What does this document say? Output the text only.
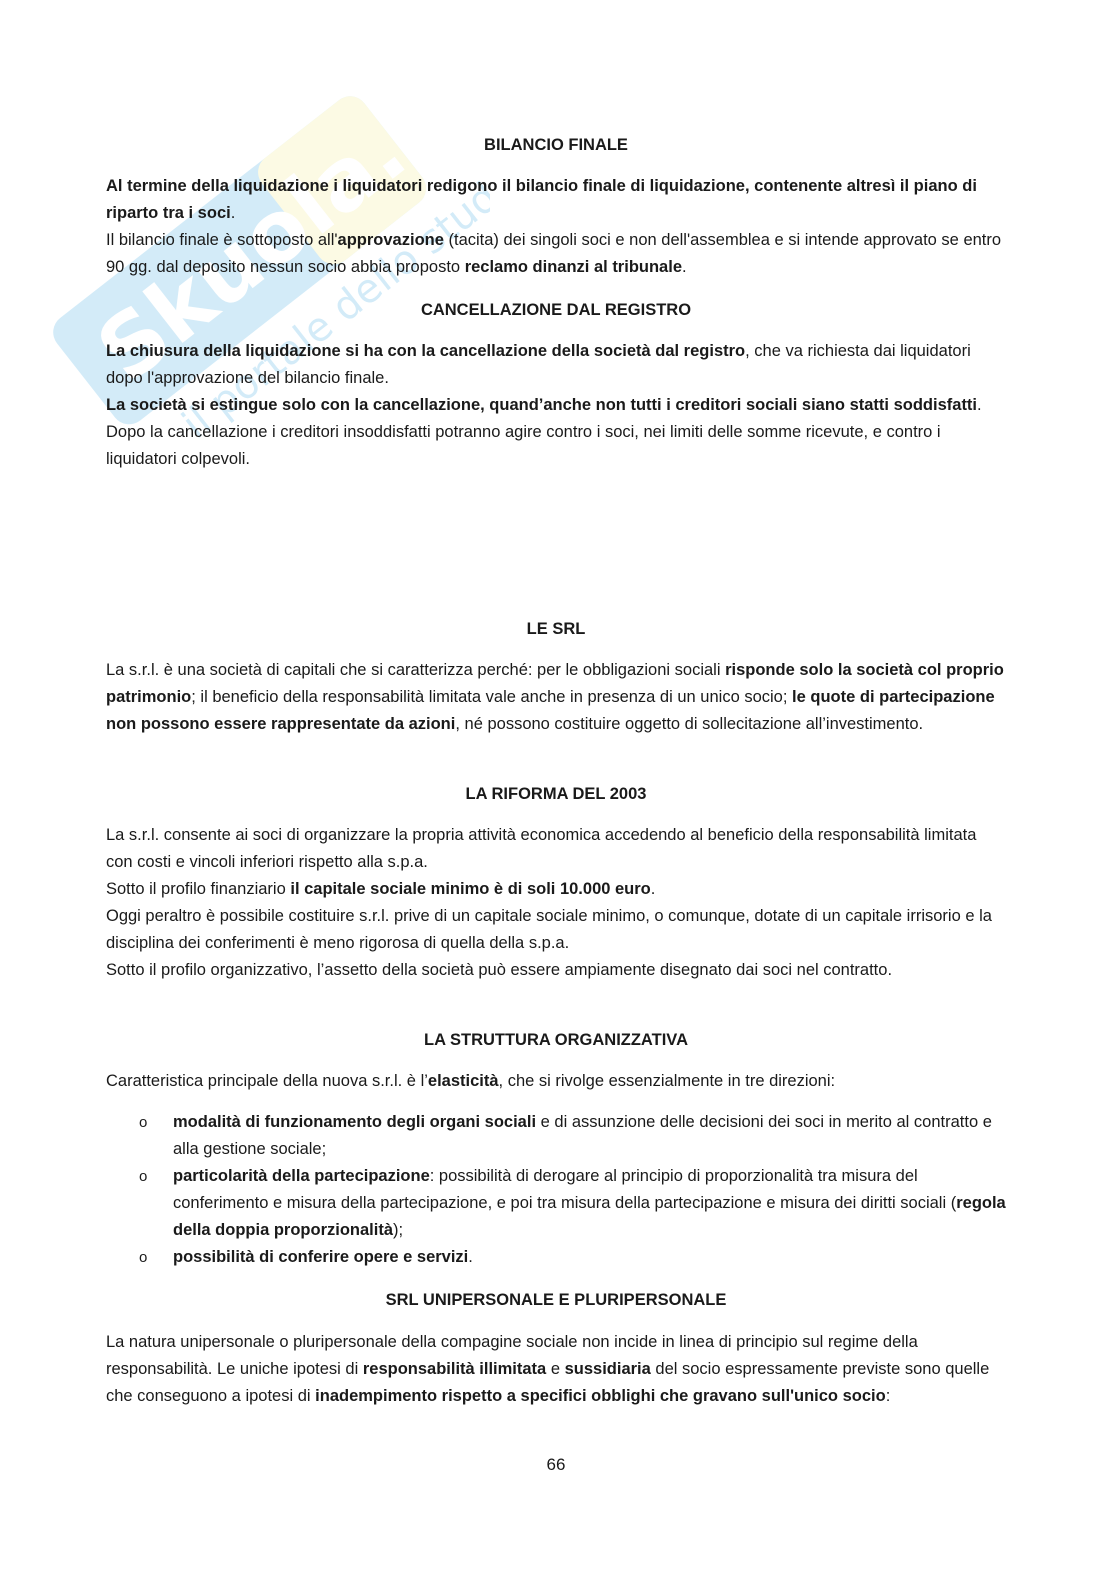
Skuola.net
il portale dello studente
BILANCIO FINALE

Al termine della liquidazione i liquidatori redigono il bilancio finale di liquidazione, contenente altresì il piano di riparto tra i soci.

Il bilancio finale è sottoposto all'approvazione (tacita) dei singoli soci e non dell'assemblea e si intende approvato se entro 90 gg. dal deposito nessun socio abbia proposto reclamo dinanzi al tribunale.

CANCELLAZIONE DAL REGISTRO

La chiusura della liquidazione si ha con la cancellazione della società dal registro, che va richiesta dai liquidatori dopo l'approvazione del bilancio finale.

La società si estingue solo con la cancellazione, quand’anche non tutti i creditori sociali siano statti soddisfatti. Dopo la cancellazione i creditori insoddisfatti potranno agire contro i soci, nei limiti delle somme ricevute, e contro i liquidatori colpevoli.

LE SRL

La s.r.l. è una società di capitali che si caratterizza perché: per le obbligazioni sociali risponde solo la società col proprio patrimonio; il beneficio della responsabilità limitata vale anche in presenza di un unico socio; le quote di partecipazione non possono essere rappresentate da azioni, né possono costituire oggetto di sollecitazione all’investimento.

LA RIFORMA DEL 2003

La s.r.l. consente ai soci di organizzare la propria attività economica accedendo al beneficio della responsabilità limitata con costi e vincoli inferiori rispetto alla s.p.a.

Sotto il profilo finanziario il capitale sociale minimo è di soli 10.000 euro.

Oggi peraltro è possibile costituire s.r.l. prive di un capitale sociale minimo, o comunque, dotate di un capitale irrisorio e la disciplina dei conferimenti è meno rigorosa di quella della s.p.a.

Sotto il profilo organizzativo, l’assetto della società può essere ampiamente disegnato dai soci nel contratto.

LA STRUTTURA ORGANIZZATIVA

Caratteristica principale della nuova s.r.l. è l’elasticità, che si rivolge essenzialmente in tre direzioni:

o modalità di funzionamento degli organi sociali e di assunzione delle decisioni dei soci in merito al contratto e alla gestione sociale;
o particolarità della partecipazione: possibilità di derogare al principio di proporzionalità tra misura del conferimento e misura della partecipazione, e poi tra misura della partecipazione e misura dei diritti sociali (regola della doppia proporzionalità);
o possibilità di conferire opere e servizi.
SRL UNIPERSONALE E PLURIPERSONALE

La natura unipersonale o pluripersonale della compagine sociale non incide in linea di principio sul regime della responsabilità. Le uniche ipotesi di responsabilità illimitata e sussidiaria del socio espressamente previste sono quelle che conseguono a ipotesi di inadempimento rispetto a specifici obblighi che gravano sull'unico socio:

66
